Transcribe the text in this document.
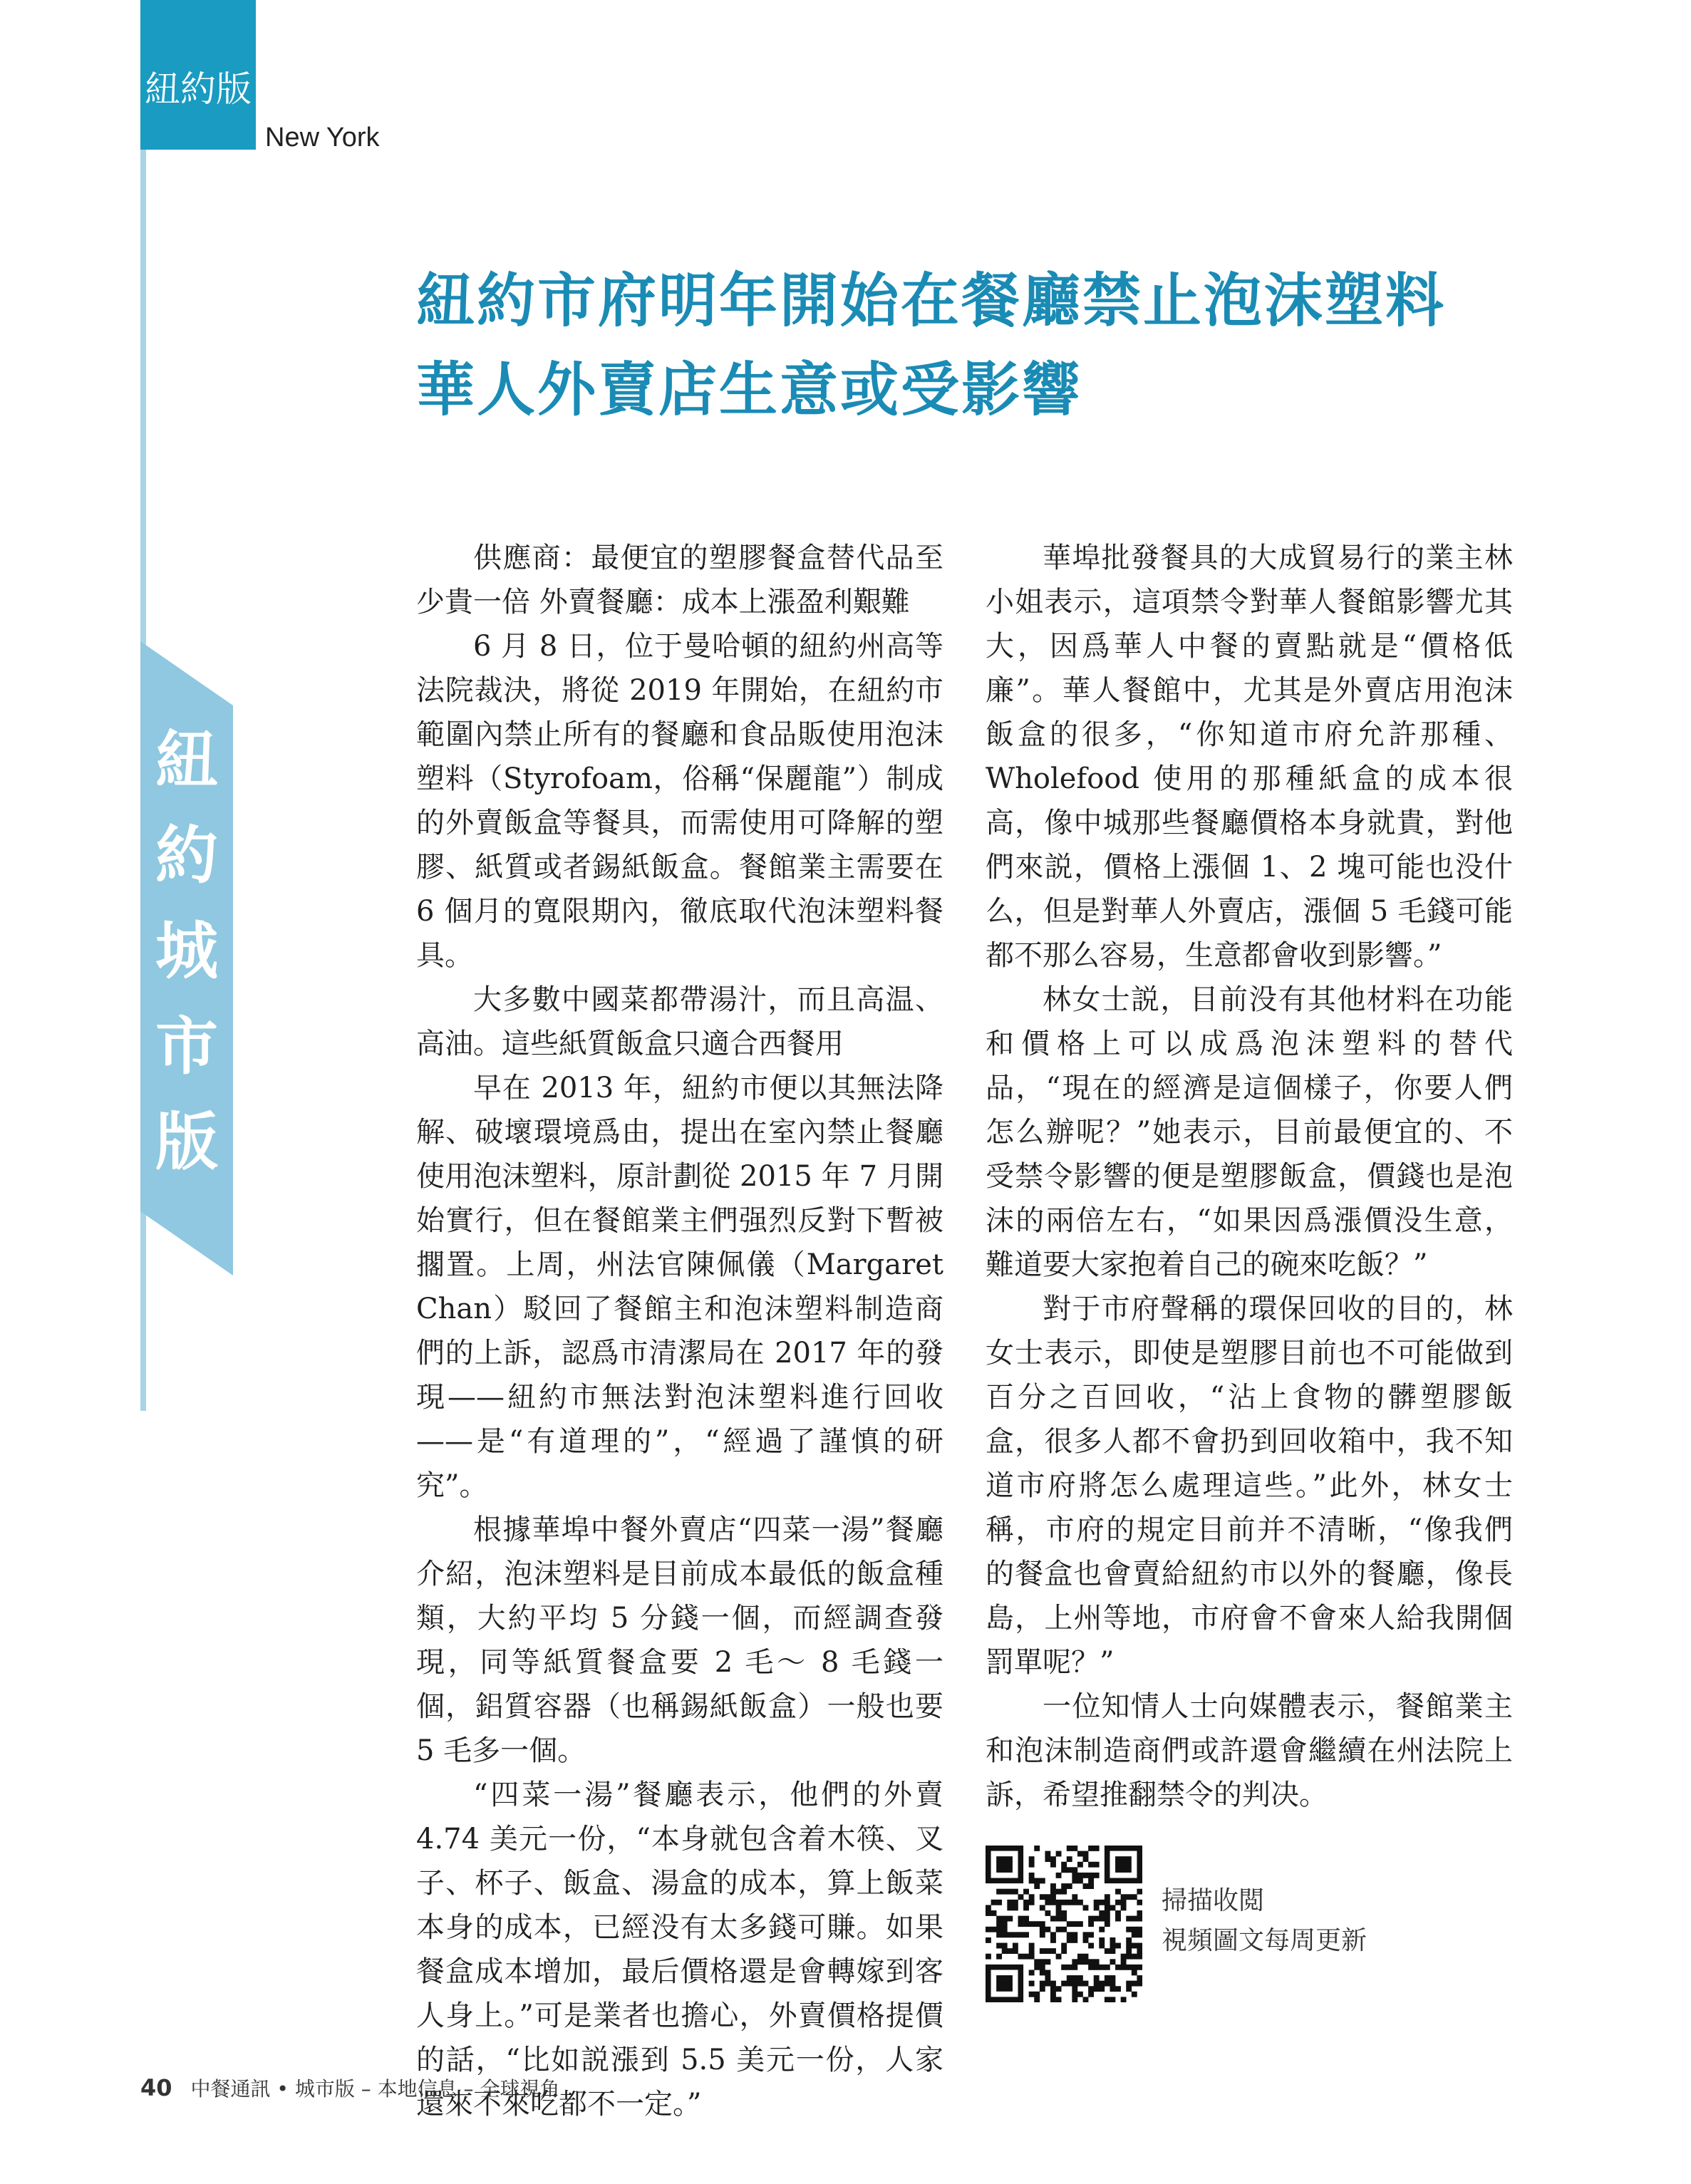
紐約版
New York
紐
約
城
市
版
紐約市府明年開始在餐廳禁止泡沫塑料
華人外賣店生意或受影響

供應商：最便宜的塑膠餐盒替代品至少貴一倍 外賣餐廳：成本上漲盈利艱難

6 月 8 日，位于曼哈頓的紐約州高等法院裁決，將從 2019 年開始，在紐約市範圍內禁止所有的餐廳和食品販使用泡沫塑料（Styrofoam，俗稱“保麗龍”）制成的外賣飯盒等餐具，而需使用可降解的塑膠、紙質或者錫紙飯盒。餐館業主需要在 6 個月的寬限期內，徹底取代泡沫塑料餐具。

大多數中國菜都帶湯汁，而且高温、高油。這些紙質飯盒只適合西餐用

早在 2013 年，紐約市便以其無法降解、破壞環境爲由，提出在室內禁止餐廳使用泡沫塑料，原計劃從 2015 年 7 月開始實行，但在餐館業主們强烈反對下暫被擱置。上周，州法官陳佩儀（Margaret Chan）駁回了餐館主和泡沫塑料制造商們的上訴，認爲市清潔局在 2017 年的發現——紐約市無法對泡沫塑料進行回收——是“有道理的”，“經過了謹慎的研究”。

根據華埠中餐外賣店“四菜一湯”餐廳介紹，泡沫塑料是目前成本最低的飯盒種類，大約平均 5 分錢一個，而經調查發現，同等紙質餐盒要 2 毛～ 8 毛錢一個，鋁質容器（也稱錫紙飯盒）一般也要 5 毛多一個。

“四菜一湯”餐廳表示，他們的外賣 4.74 美元一份，“本身就包含着木筷、叉子、杯子、飯盒、湯盒的成本，算上飯菜本身的成本，已經没有太多錢可賺。如果餐盒成本增加，最后價格還是會轉嫁到客人身上。”可是業者也擔心，外賣價格提價的話，“比如説漲到 5.5 美元一份，人家還來不來吃都不一定。”

華埠批發餐具的大成貿易行的業主林小姐表示，這項禁令對華人餐館影響尤其大，因爲華人中餐的賣點就是“價格低廉”。華人餐館中，尤其是外賣店用泡沫飯盒的很多，“你知道市府允許那種、Wholefood 使用的那種紙盒的成本很高，像中城那些餐廳價格本身就貴，對他們來説，價格上漲個 1、2 塊可能也没什么，但是對華人外賣店，漲個 5 毛錢可能都不那么容易，生意都會收到影響。”

林女士説，目前没有其他材料在功能和價格上可以成爲泡沫塑料的替代品，“現在的經濟是這個樣子，你要人們怎么辦呢？”她表示，目前最便宜的、不受禁令影響的便是塑膠飯盒，價錢也是泡沫的兩倍左右，“如果因爲漲價没生意，難道要大家抱着自己的碗來吃飯？”

對于市府聲稱的環保回收的目的，林女士表示，即使是塑膠目前也不可能做到百分之百回收，“沾上食物的髒塑膠飯盒，很多人都不會扔到回收箱中，我不知道市府將怎么處理這些。”此外，林女士稱，市府的規定目前并不清晰，“像我們的餐盒也會賣給紐約市以外的餐廳，像長島，上州等地，市府會不會來人給我開個罰單呢？”

一位知情人士向媒體表示，餐館業主和泡沫制造商們或許還會繼續在州法院上訴，希望推翻禁令的判决。

掃描收閲
視頻圖文每周更新
40 中餐通訊 • 城市版 – 本地信息 – 全球視角
